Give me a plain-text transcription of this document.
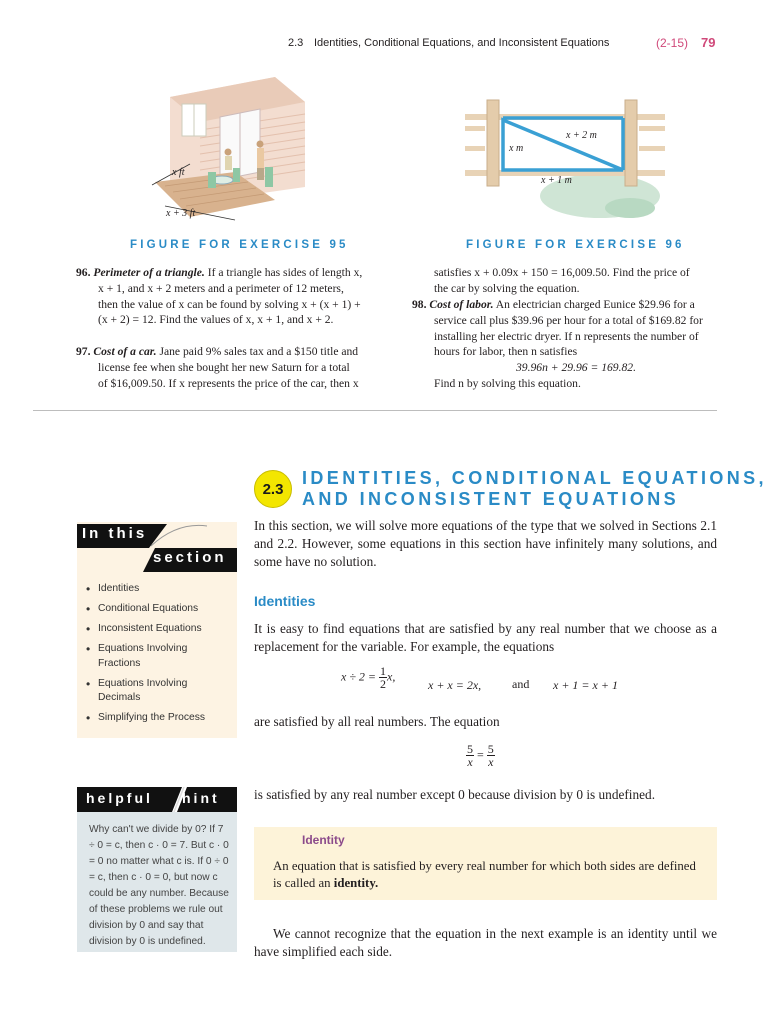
2.3 Identities, Conditional Equations, and Inconsistent Equations	(2-15) 79
x ft
x + 3 ft
FIGURE FOR EXERCISE 95
x m
x + 2 m
x + 1 m
FIGURE FOR EXERCISE 96

96. Perimeter of a triangle. If a triangle has sides of length x,

x + 1, and x + 2 meters and a perimeter of 12 meters,

then the value of x can be found by solving x + (x + 1) +

(x + 2) = 12. Find the values of x, x + 1, and x + 2.

97. Cost of a car. Jane paid 9% sales tax and a $150 title and

license fee when she bought her new Saturn for a total

of $16,009.50. If x represents the price of the car, then x

satisfies x + 0.09x + 150 = 16,009.50. Find the price of

the car by solving the equation.

98. Cost of labor. An electrician charged Eunice $29.96 for a

service call plus $39.96 per hour for a total of $169.82 for

installing her electric dryer. If n represents the number of

hours for labor, then n satisfies

39.96n + 29.96 = 169.82.

Find n by solving this equation.

2.3
IDENTITIES, CONDITIONAL EQUATIONS,
AND INCONSISTENT EQUATIONS
In this
section
• Identities
• Conditional Equations
• Inconsistent Equations
• Equations Involving Fractions
• Equations Involving Decimals
• Simplifying the Process
helpful hint
Why can't we divide by 0? If 7 ÷ 0 = c, then c · 0 = 7. But c · 0 = 0 no matter what c is. If 0 ÷ 0 = c, then c · 0 = 0, but now c could be any number. Because of these problems we rule out division by 0 and say that division by 0 is undefined.
In this section, we will solve more equations of the type that we solved in Sections 2.1 and 2.2. However, some equations in this section have infinitely many solutions, and some have no solution.
Identities
It is easy to find equations that are satisfied by any real number that we choose as a replacement for the variable. For example, the equations
$x \div 2 = \frac{1}{2} x$,
x + x = 2x,	and x + 1 = x + 1
are satisfied by all real numbers. The equation
$\frac{5}{x} = \frac{5}{x}$
is satisfied by any real number except 0 because division by 0 is undefined.
Identity
An equation that is satisfied by every real number for which both sides are defined is called an identity.
We cannot recognize that the equation in the next example is an identity until we have simplified each side.
